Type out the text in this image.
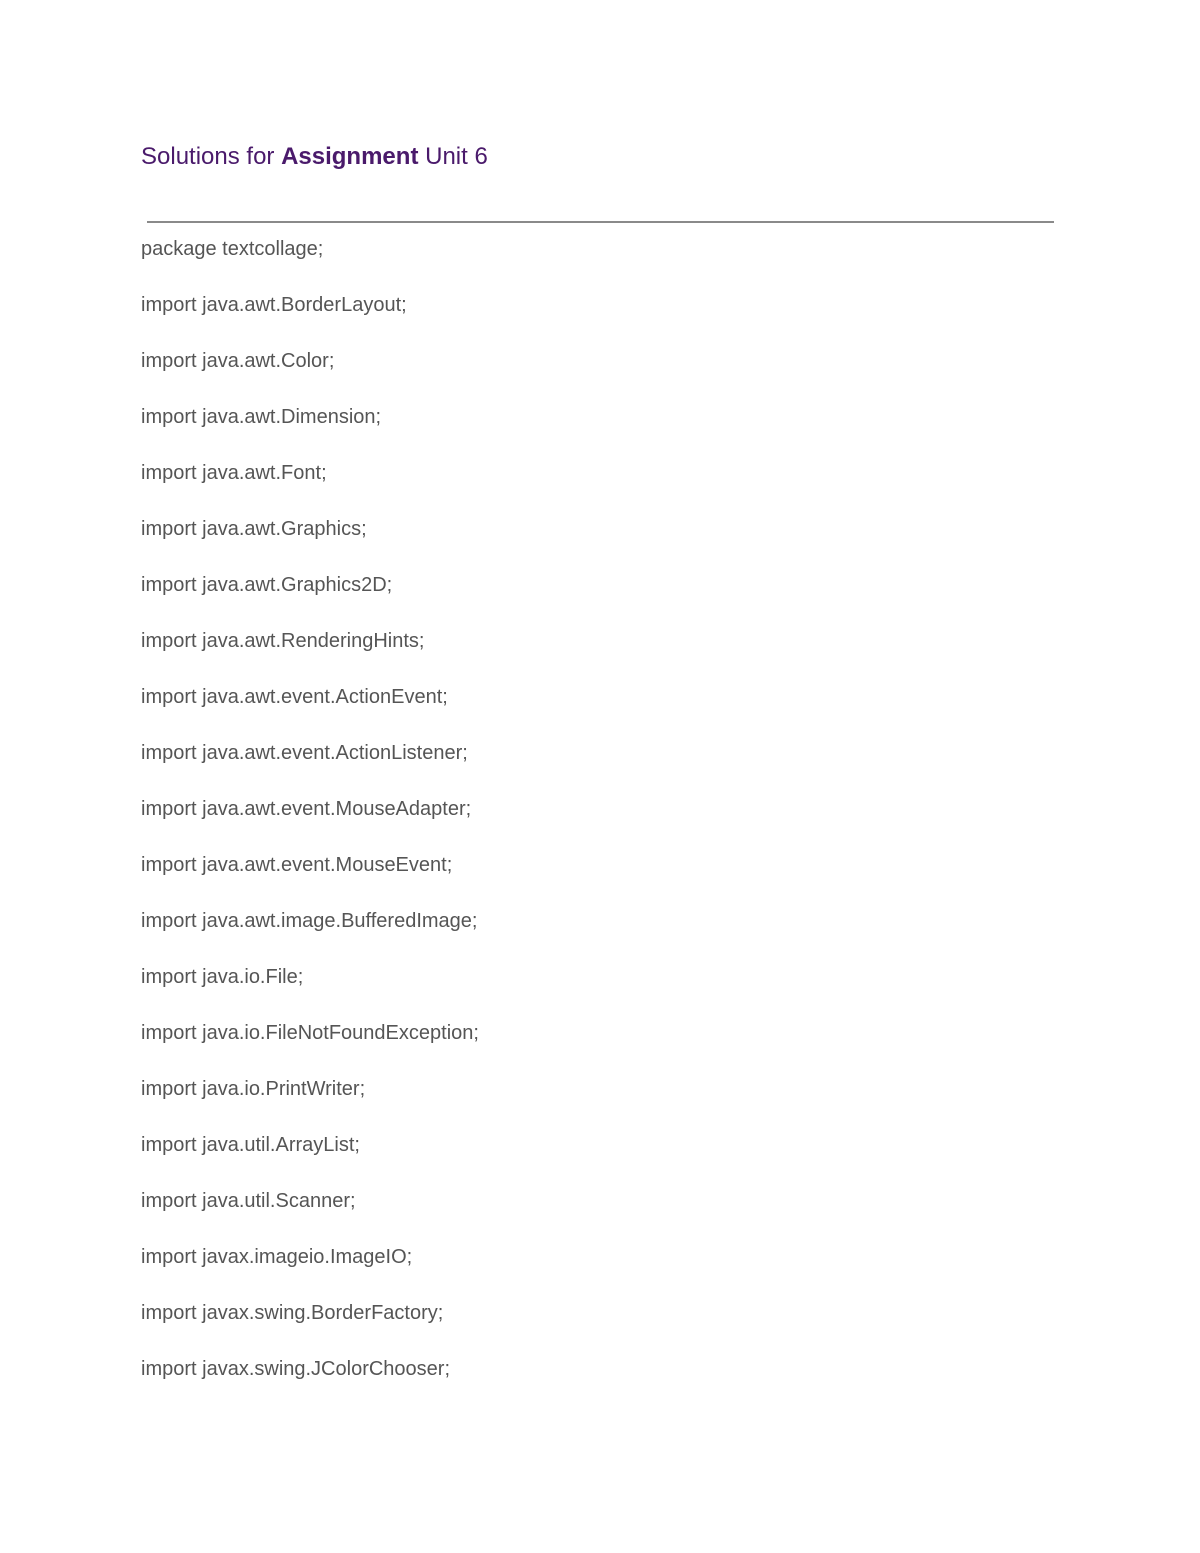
Solutions for Assignment Unit 6
package textcollage;
import java.awt.BorderLayout;
import java.awt.Color;
import java.awt.Dimension;
import java.awt.Font;
import java.awt.Graphics;
import java.awt.Graphics2D;
import java.awt.RenderingHints;
import java.awt.event.ActionEvent;
import java.awt.event.ActionListener;
import java.awt.event.MouseAdapter;
import java.awt.event.MouseEvent;
import java.awt.image.BufferedImage;
import java.io.File;
import java.io.FileNotFoundException;
import java.io.PrintWriter;
import java.util.ArrayList;
import java.util.Scanner;
import javax.imageio.ImageIO;
import javax.swing.BorderFactory;
import javax.swing.JColorChooser;
